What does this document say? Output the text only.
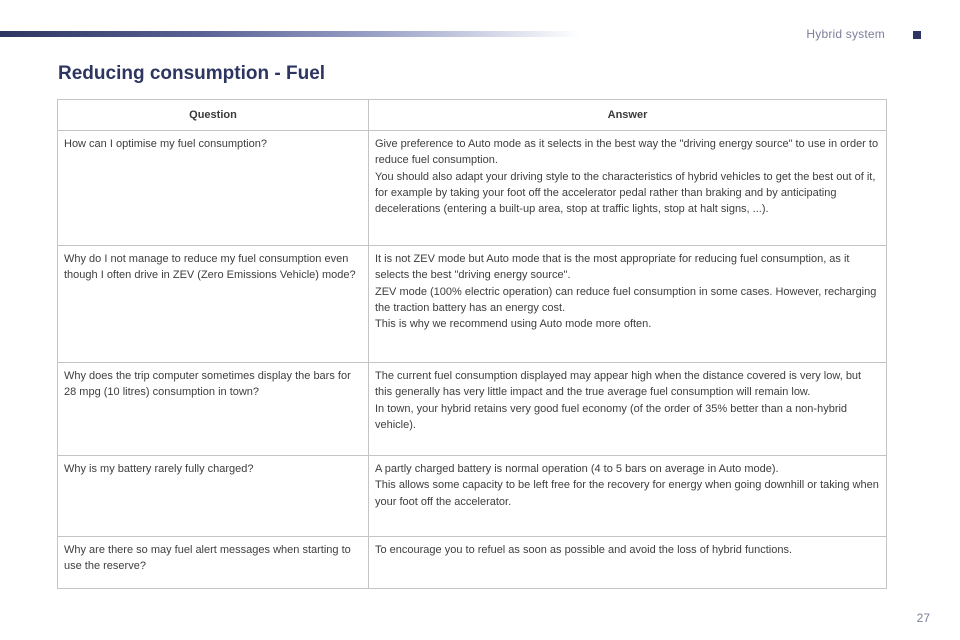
Hybrid system
Reducing consumption - Fuel
Question	Answer
How can I optimise my fuel consumption?	Give preference to Auto mode as it selects in the best way the "driving energy source" to use in order to reduce fuel consumption.
You should also adapt your driving style to the characteristics of hybrid vehicles to get the best out of it, for example by taking your foot off the accelerator pedal rather than braking and by anticipating decelerations (entering a built-up area, stop at traffic lights, stop at halt signs, ...).

Why do I not manage to reduce my fuel consumption even though I often drive in ZEV (Zero Emissions Vehicle) mode?	It is not ZEV mode but Auto mode that is the most appropriate for reducing fuel consumption, as it selects the best "driving energy source".
ZEV mode (100% electric operation) can reduce fuel consumption in some cases. However, recharging the traction battery has an energy cost.
This is why we recommend using Auto mode more often.

Why does the trip computer sometimes display the bars for 28 mpg (10 litres) consumption in town?	The current fuel consumption displayed may appear high when the distance covered is very low, but this generally has very little impact and the true average fuel consumption will remain low.
In town, your hybrid retains very good fuel economy (of the order of 35% better than a non-hybrid vehicle).

Why is my battery rarely fully charged?	A partly charged battery is normal operation (4 to 5 bars on average in Auto mode).
This allows some capacity to be left free for the recovery for energy when going downhill or taking when your foot off the accelerator.

Why are there so may fuel alert messages when starting to use the reserve?	To encourage you to refuel as soon as possible and avoid the loss of hybrid functions.
27
